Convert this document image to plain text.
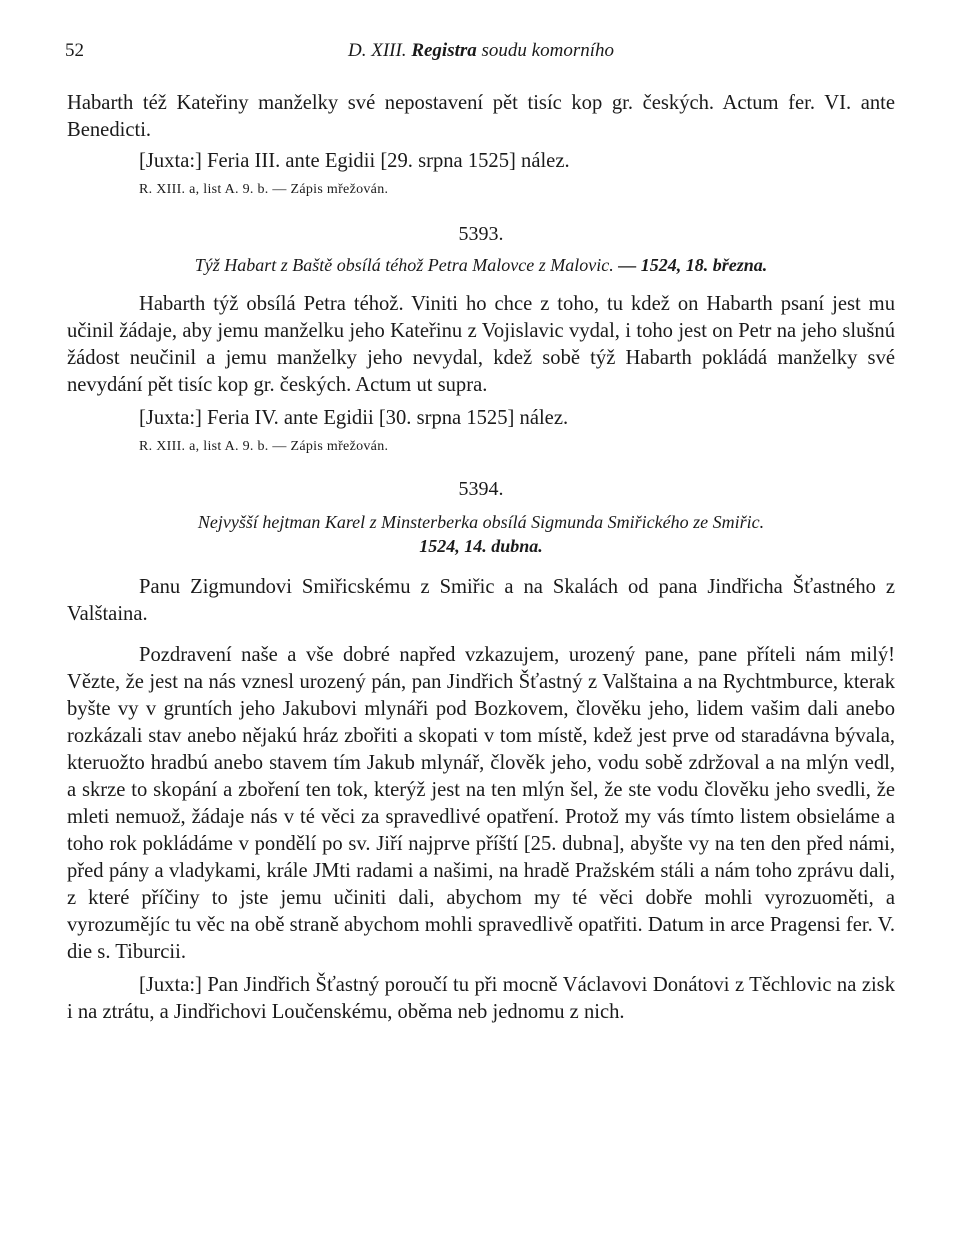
52	D. XIII. Registra soudu komorního

Habarth též Kateřiny manželky své nepostavení pět tisíc kop gr. českých. Actum fer. VI. ante Benedicti.

[Juxta:] Feria III. ante Egidii [29. srpna 1525] nález.

R. XIII. a, list A. 9. b. — Zápis mřežován.
5393.
Týž Habart z Baště obsílá téhož Petra Malovce z Malovic. — 1524, 18. března.

Habarth týž obsílá Petra téhož. Viniti ho chce z toho, tu kdež on Habarth psaní jest mu učinil žádaje, aby jemu manželku jeho Kateřinu z Vojislavic vydal, i toho jest on Petr na jeho slušnú žádost neučinil a jemu manželky jeho nevydal, kdež sobě týž Habarth pokládá manželky své nevydání pět tisíc kop gr. českých. Actum ut supra.

[Juxta:] Feria IV. ante Egidii [30. srpna 1525] nález.

R. XIII. a, list A. 9. b. — Zápis mřežován.
5394.
Nejvyšší hejtman Karel z Minsterberka obsílá Sigmunda Smiřického ze Smiřic.
1524, 14. dubna.

Panu Zigmundovi Smiřicskému z Smiřic a na Skalách od pana Jindřicha Šťastného z Valštaina.

Pozdravení naše a vše dobré napřed vzkazujem, urozený pane, pane příteli nám milý! Vězte, že jest na nás vznesl urozený pán, pan Jindřich Šťastný z Valštaina a na Rychtmburce, kterak byšte vy v gruntích jeho Jakubovi mlynáři pod Bozkovem, člověku jeho, lidem vašim dali anebo rozkázali stav anebo nějakú hráz zbořiti a skopati v tom místě, kdež jest prve od staradávna bývala, kteruožto hradbú anebo stavem tím Jakub mlynář, člověk jeho, vodu sobě zdržoval a na mlýn vedl, a skrze to skopání a zboření ten tok, kterýž jest na ten mlýn šel, že ste vodu člověku jeho svedli, že mleti nemuož, žádaje nás v té věci za spravedlivé opatření. Protož my vás tímto listem obsieláme a toho rok pokládáme v pondělí po sv. Jiří najprve příští [25. dubna], abyšte vy na ten den před námi, před pány a vladykami, krále JMti radami a našimi, na hradě Pražském stáli a nám toho zprávu dali, z které příčiny to jste jemu učiniti dali, abychom my té věci dobře mohli vyrozuoměti, a vyrozumějíc tu věc na obě straně abychom mohli spravedlivě opatřiti. Datum in arce Pragensi fer. V. die s. Tiburcii.

[Juxta:] Pan Jindřich Šťastný poroučí tu při mocně Václavovi Donátovi z Těchlovic na zisk i na ztrátu, a Jindřichovi Loučenskému, oběma neb jednomu z nich.
